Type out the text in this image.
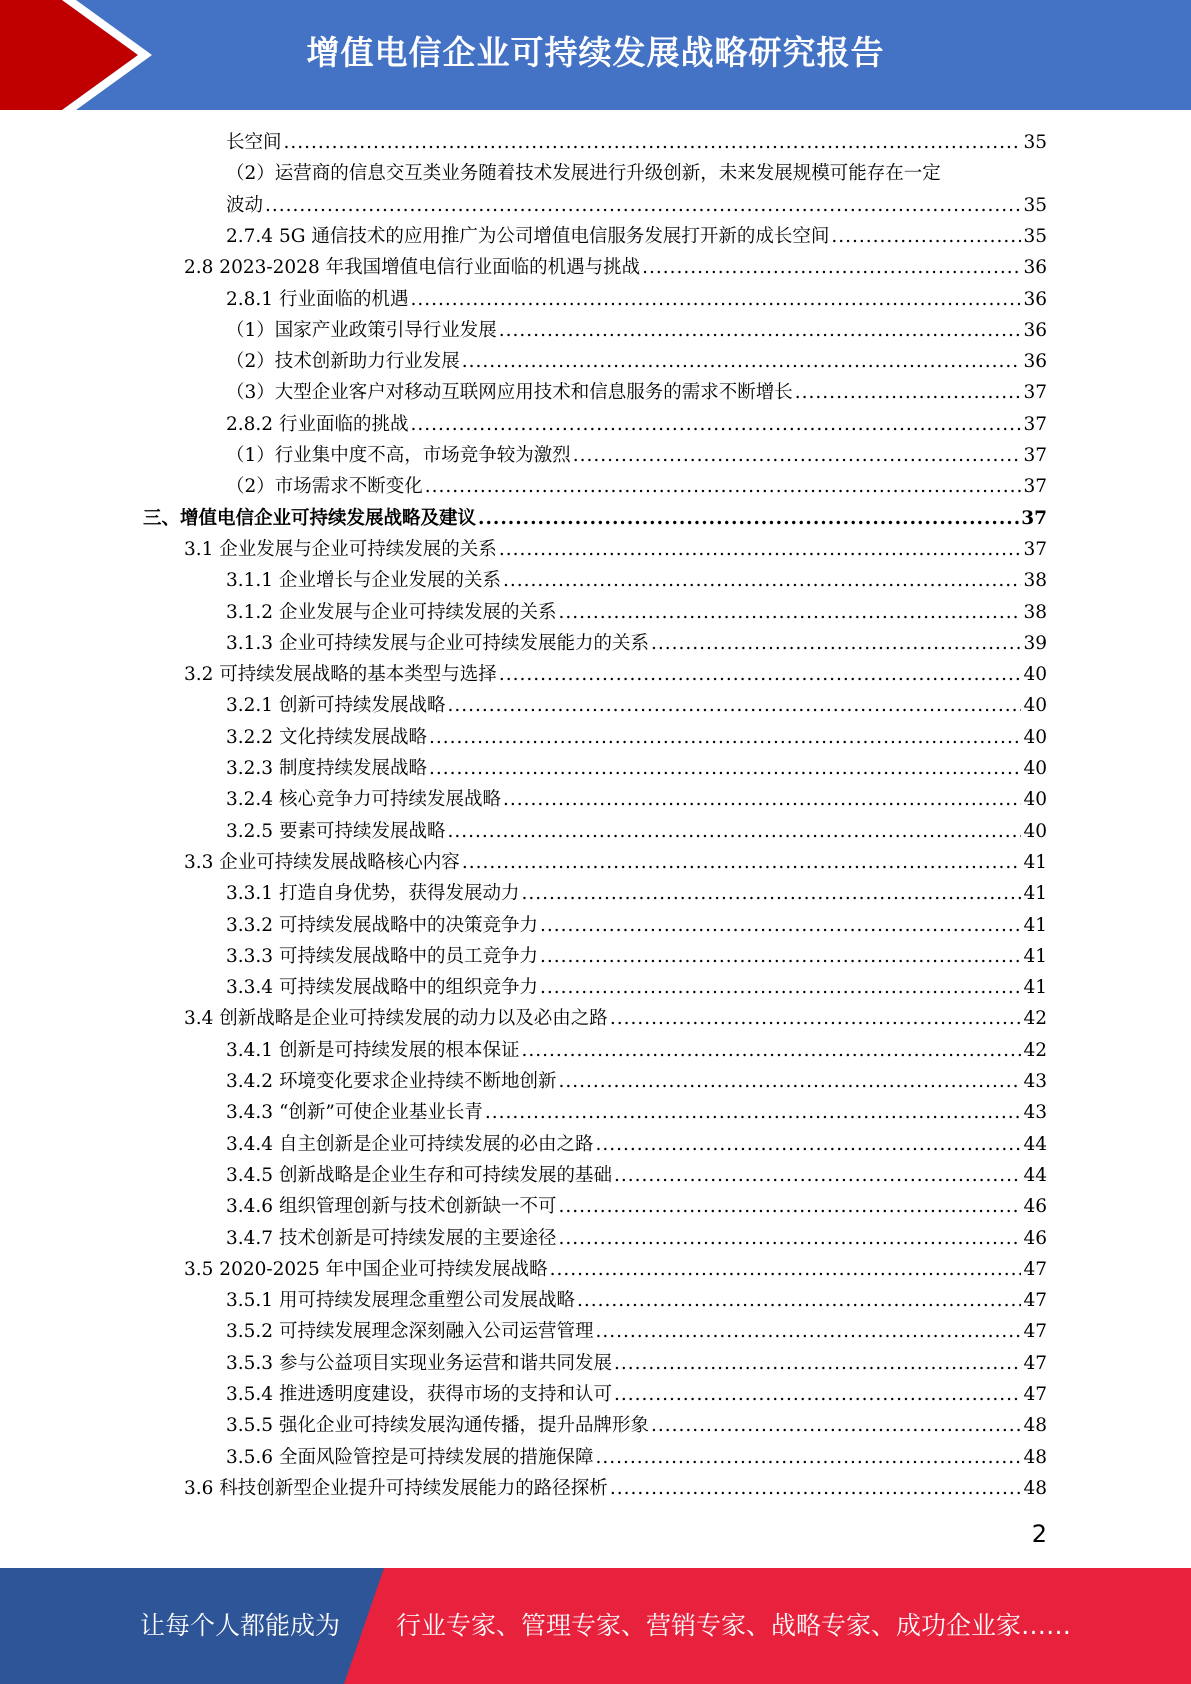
增值电信企业可持续发展战略研究报告
长空间 .....	35
（2）运营商的信息交互类业务随着技术发展进行升级创新，未来发展规模可能存在一定
波动 .....	35
2.7.4 5G 通信技术的应用推广为公司增值电信服务发展打开新的成长空间 .....	35
2.8 2023-2028 年我国增值电信行业面临的机遇与挑战 .....	36
2.8.1 行业面临的机遇 .....	36
（1）国家产业政策引导行业发展 .....	36
（2）技术创新助力行业发展 .....	36
（3）大型企业客户对移动互联网应用技术和信息服务的需求不断增长 .....	37
2.8.2 行业面临的挑战 .....	37
（1）行业集中度不高，市场竞争较为激烈 .....	37
（2）市场需求不断变化 .....	37
三、增值电信企业可持续发展战略及建议 .....	37
3.1 企业发展与企业可持续发展的关系 .....	37
3.1.1 企业增长与企业发展的关系 .....	38
3.1.2 企业发展与企业可持续发展的关系 .....	38
3.1.3 企业可持续发展与企业可持续发展能力的关系 .....	39
3.2 可持续发展战略的基本类型与选择 .....	40
3.2.1 创新可持续发展战略 .....	40
3.2.2 文化持续发展战略 .....	40
3.2.3 制度持续发展战略 .....	40
3.2.4 核心竞争力可持续发展战略 .....	40
3.2.5 要素可持续发展战略 .....	40
3.3 企业可持续发展战略核心内容 .....	41
3.3.1 打造自身优势，获得发展动力 .....	41
3.3.2 可持续发展战略中的决策竞争力 .....	41
3.3.3 可持续发展战略中的员工竞争力 .....	41
3.3.4 可持续发展战略中的组织竞争力 .....	41
3.4 创新战略是企业可持续发展的动力以及必由之路 .....	42
3.4.1 创新是可持续发展的根本保证 .....	42
3.4.2 环境变化要求企业持续不断地创新 .....	43
3.4.3 “创新”可使企业基业长青 .....	43
3.4.4 自主创新是企业可持续发展的必由之路 .....	44
3.4.5 创新战略是企业生存和可持续发展的基础 .....	44
3.4.6 组织管理创新与技术创新缺一不可 .....	46
3.4.7 技术创新是可持续发展的主要途径 .....	46
3.5 2020-2025 年中国企业可持续发展战略 .....	47
3.5.1 用可持续发展理念重塑公司发展战略 .....	47
3.5.2 可持续发展理念深刻融入公司运营管理 .....	47
3.5.3 参与公益项目实现业务运营和谐共同发展 .....	47
3.5.4 推进透明度建设，获得市场的支持和认可 .....	47
3.5.5 强化企业可持续发展沟通传播，提升品牌形象 .....	48
3.5.6 全面风险管控是可持续发展的措施保障 .....	48
3.6 科技创新型企业提升可持续发展能力的路径探析 .....	48
2
让每个人都能成为 行业专家、管理专家、营销专家、战略专家、成功企业家……
